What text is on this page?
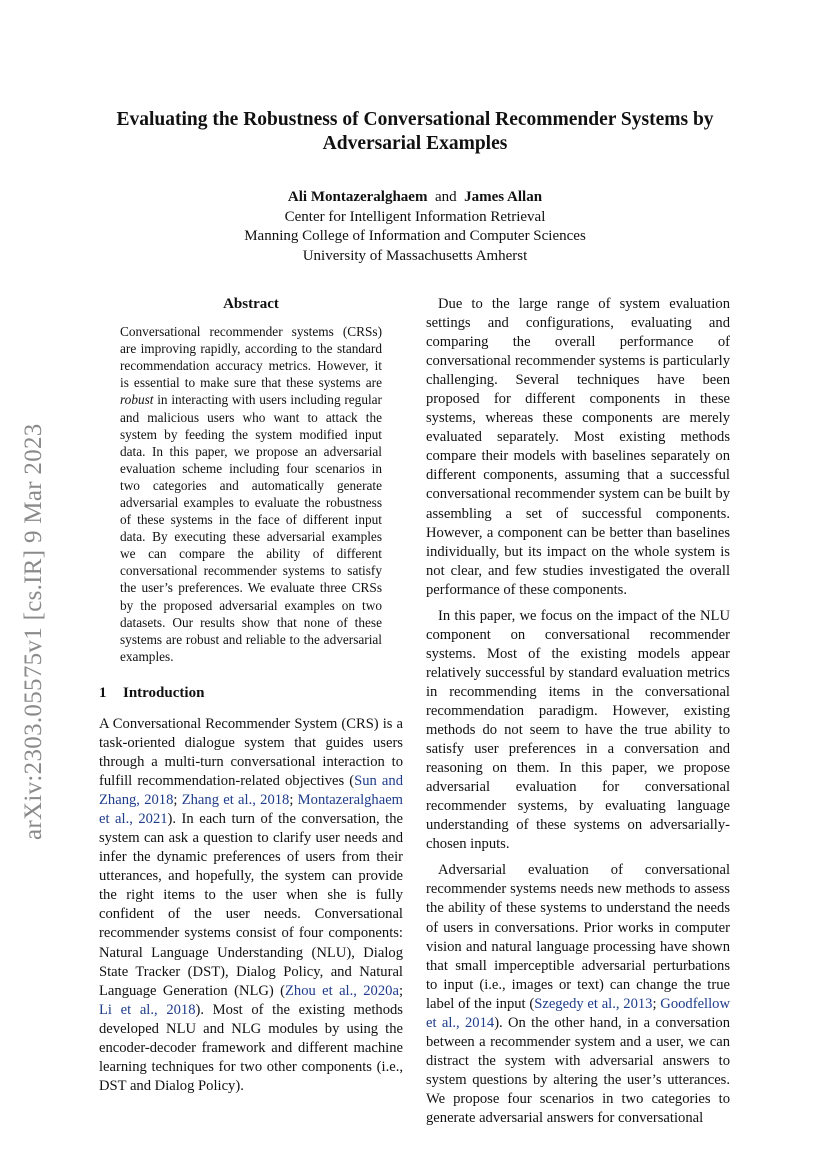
arXiv:2303.05575v1 [cs.IR] 9 Mar 2023
Evaluating the Robustness of Conversational Recommender Systems by Adversarial Examples
Ali Montazeralghaem and James Allan
Center for Intelligent Information Retrieval
Manning College of Information and Computer Sciences
University of Massachusetts Amherst
Abstract
Conversational recommender systems (CRSs) are improving rapidly, according to the standard recommendation accuracy metrics. However, it is essential to make sure that these systems are robust in interacting with users including regular and malicious users who want to attack the system by feeding the system modified input data. In this paper, we propose an adversarial evaluation scheme including four scenarios in two categories and automatically generate adversarial examples to evaluate the robustness of these systems in the face of different input data. By executing these adversarial examples we can compare the ability of different conversational recommender systems to satisfy the user’s preferences. We evaluate three CRSs by the proposed adversarial examples on two datasets. Our results show that none of these systems are robust and reliable to the adversarial examples.
1 Introduction

A Conversational Recommender System (CRS) is a task-oriented dialogue system that guides users through a multi-turn conversational interaction to fulfill recommendation-related objectives (Sun and Zhang, 2018; Zhang et al., 2018; Montazeralghaem et al., 2021). In each turn of the conversation, the system can ask a question to clarify user needs and infer the dynamic preferences of users from their utterances, and hopefully, the system can provide the right items to the user when she is fully confident of the user needs. Conversational recommender systems consist of four components: Natural Language Understanding (NLU), Dialog State Tracker (DST), Dialog Policy, and Natural Language Generation (NLG) (Zhou et al., 2020a; Li et al., 2018). Most of the existing methods developed NLU and NLG modules by using the encoder-decoder framework and different machine learning techniques for two other components (i.e., DST and Dialog Policy).

Due to the large range of system evaluation settings and configurations, evaluating and comparing the overall performance of conversational recommender systems is particularly challenging. Several techniques have been proposed for different components in these systems, whereas these components are merely evaluated separately. Most existing methods compare their models with baselines separately on different components, assuming that a successful conversational recommender system can be built by assembling a set of successful components. However, a component can be better than baselines individually, but its impact on the whole system is not clear, and few studies investigated the overall performance of these components.

In this paper, we focus on the impact of the NLU component on conversational recommender systems. Most of the existing models appear relatively successful by standard evaluation metrics in recommending items in the conversational recommendation paradigm. However, existing methods do not seem to have the true ability to satisfy user preferences in a conversation and reasoning on them. In this paper, we propose adversarial evaluation for conversational recommender systems, by evaluating language understanding of these systems on adversarially-chosen inputs.

Adversarial evaluation of conversational recommender systems needs new methods to assess the ability of these systems to understand the needs of users in conversations. Prior works in computer vision and natural language processing have shown that small imperceptible adversarial perturbations to input (i.e., images or text) can change the true label of the input (Szegedy et al., 2013; Goodfellow et al., 2014). On the other hand, in a conversation between a recommender system and a user, we can distract the system with adversarial answers to system questions by altering the user’s utterances. We propose four scenarios in two categories to generate adversarial answers for conversational
